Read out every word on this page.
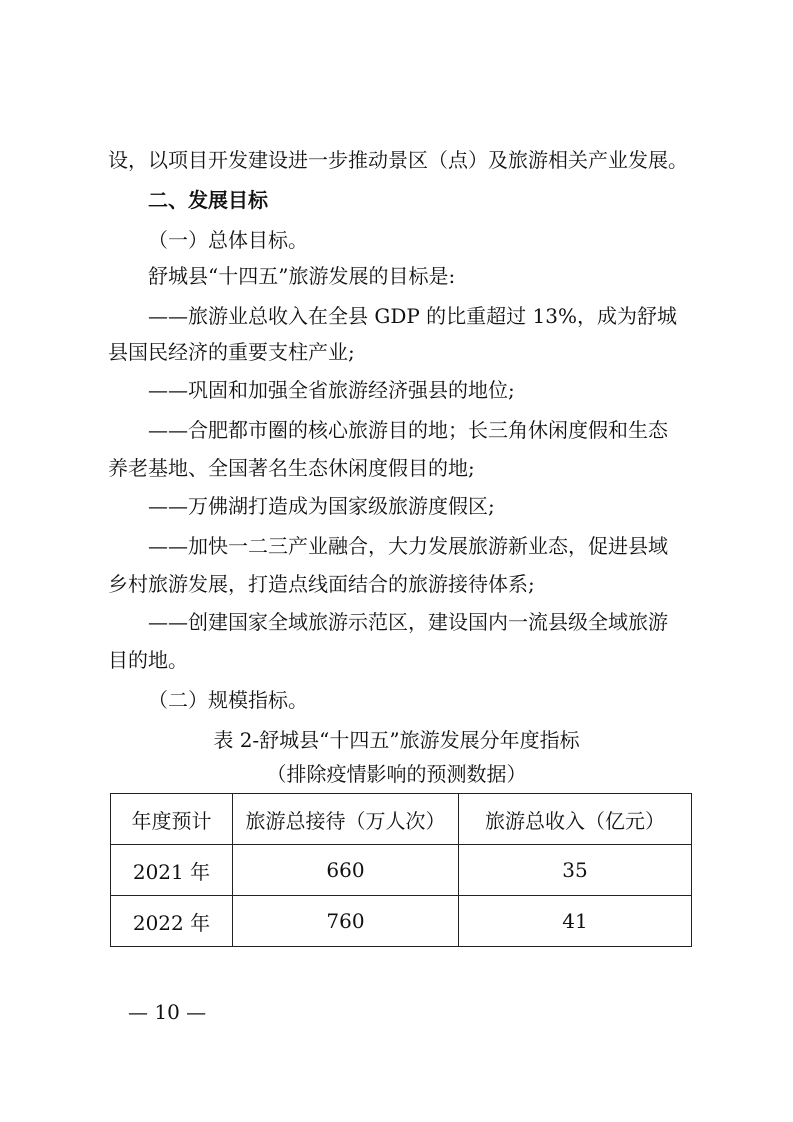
设，以项目开发建设进一步推动景区（点）及旅游相关产业发展。
二、发展目标
（一）总体目标。
舒城县“十四五”旅游发展的目标是:
——旅游业总收入在全县 GDP 的比重超过 13%，成为舒城
县国民经济的重要支柱产业;
——巩固和加强全省旅游经济强县的地位;
——合肥都市圈的核心旅游目的地；长三角休闲度假和生态
养老基地、全国著名生态休闲度假目的地;
——万佛湖打造成为国家级旅游度假区;
——加快一二三产业融合，大力发展旅游新业态，促进县域
乡村旅游发展，打造点线面结合的旅游接待体系;
——创建国家全域旅游示范区，建设国内一流县级全域旅游
目的地。
（二）规模指标。
表 2-舒城县“十四五”旅游发展分年度指标
（排除疫情影响的预测数据）
年度预计	旅游总接待（万人次）	旅游总收入（亿元）
2021 年	660	35
2022 年	760	41
— 10 —
